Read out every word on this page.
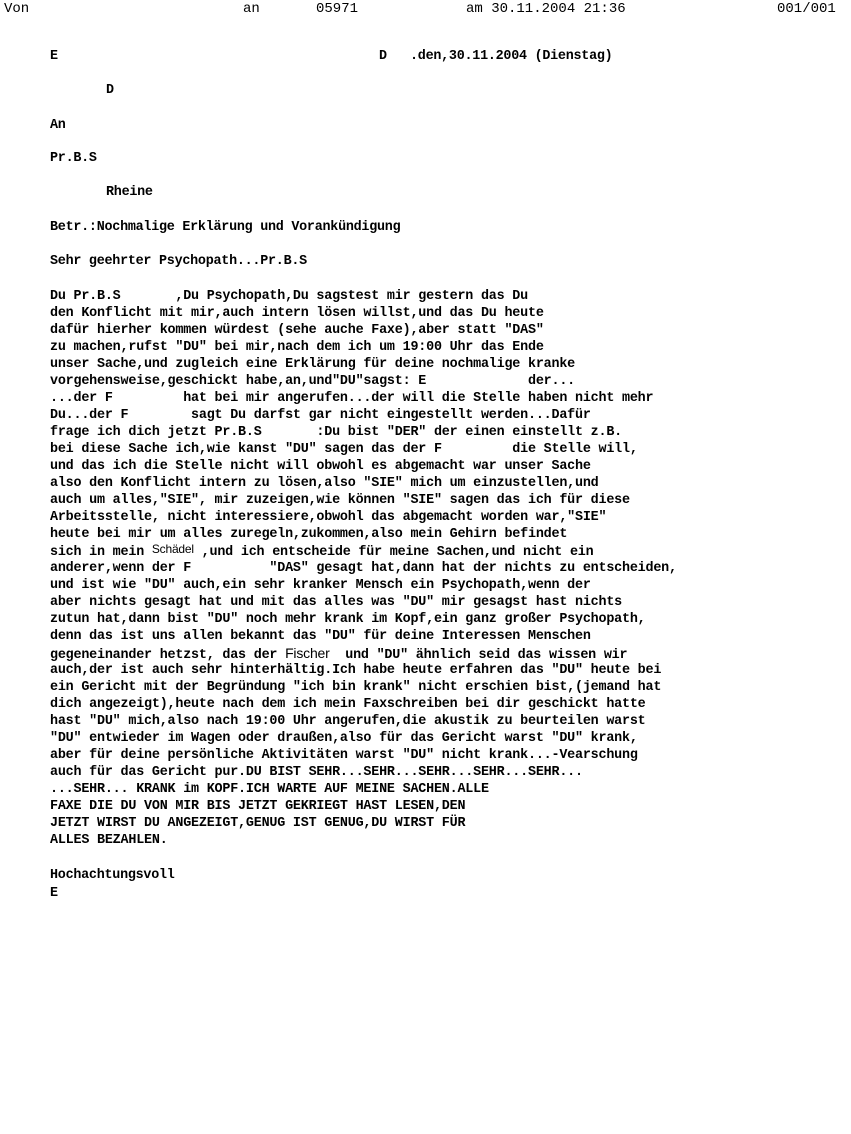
Von	an	05971	am 30.11.2004 21:36	001/001
E	D .den,30.11.2004 (Dienstag)
D
An
Pr.B.S
Rheine
Betr.:Nochmalige Erklärung und Vorankündigung
Sehr geehrter Psychopath...Pr.B.S
Du Pr.B.S       ,Du Psychopath,Du sagstest mir gestern das Du
den Konflicht mit mir,auch intern lösen willst,und das Du heute
dafür hierher kommen würdest (sehe auche Faxe),aber statt "DAS"
zu machen,rufst "DU" bei mir,nach dem ich um 19:00 Uhr das Ende
unser Sache,und zugleich eine Erklärung für deine nochmalige kranke
vorgehensweise,geschickt habe,an,und"DU"sagst: E             der...
...der F         hat bei mir angerufen...der will die Stelle haben nicht mehr
Du...der F        sagt Du darfst gar nicht eingestellt werden...Dafür
frage ich dich jetzt Pr.B.S       :Du bist "DER" der einen einstellt z.B.
bei diese Sache ich,wie kanst "DU" sagen das der F         die Stelle will,
und das ich die Stelle nicht will obwohl es abgemacht war unser Sache
also den Konflicht intern zu lösen,also "SIE" mich um einzustellen,und
auch um alles,"SIE", mir zuzeigen,wie können "SIE" sagen das ich für diese
Arbeitsstelle, nicht interessiere,obwohl das abgemacht worden war,"SIE"
heute bei mir um alles zuregeln,zukommen,also mein Gehirn befindet
sich in mein Schädel ,und ich entscheide für meine Sachen,und nicht ein
anderer,wenn der F          "DAS" gesagt hat,dann hat der nichts zu entscheiden,
und ist wie "DU" auch,ein sehr kranker Mensch ein Psychopath,wenn der
aber nichts gesagt hat und mit das alles was "DU" mir gesagst hast nichts
zutun hat,dann bist "DU" noch mehr krank im Kopf,ein ganz großer Psychopath,
denn das ist uns allen bekannt das "DU" für deine Interessen Menschen
gegeneinander hetzst, das der Fischer  und "DU" ähnlich seid das wissen wir
auch,der ist auch sehr hinterhältig.Ich habe heute erfahren das "DU" heute bei
ein Gericht mit der Begründung "ich bin krank" nicht erschien bist,(jemand hat
dich angezeigt),heute nach dem ich mein Faxschreiben bei dir geschickt hatte
hast "DU" mich,also nach 19:00 Uhr angerufen,die akustik zu beurteilen warst
"DU" entwieder im Wagen oder draußen,also für das Gericht warst "DU" krank,
aber für deine persönliche Aktivitäten warst "DU" nicht krank...-Vearschung
auch für das Gericht pur.DU BIST SEHR...SEHR...SEHR...SEHR...SEHR...
...SEHR... KRANK im KOPF.ICH WARTE AUF MEINE SACHEN.ALLE
FAXE DIE DU VON MIR BIS JETZT GEKRIEGT HAST LESEN,DEN
JETZT WIRST DU ANGEZEIGT,GENUG IST GENUG,DU WIRST FÜR
ALLES BEZAHLEN.
Hochachtungsvoll
E
